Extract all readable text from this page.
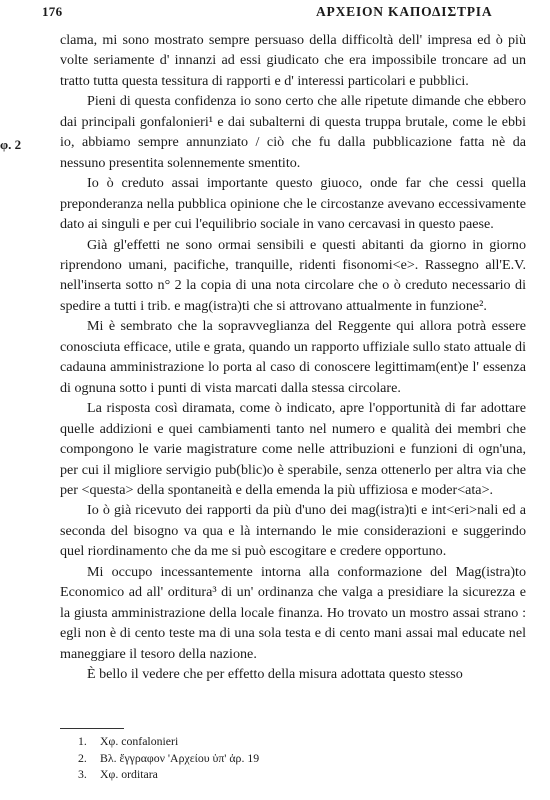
176	ΑΡΧΕΙΟΝ ΚΑΠΟΔΙΣΤΡΙΑ
φ. 2

clama, mi sono mostrato sempre persuaso della difficoltà dell' impresa ed ò più volte seriamente d' innanzi ad essi giudicato che era impossibile troncare ad un tratto tutta questa tessitura di rapporti e d' interessi particolari e pubblici.

Pieni di questa confidenza io sono certo che alle ripetute dimande che ebbero dai principali gonfalonieri¹ e dai subalterni di questa truppa brutale, come le ebbi io, abbiamo sempre annunziato / ciò che fu dalla pubblicazione fatta nè da nessuno presentita solennemente smentito.

Io ò creduto assai importante questo giuoco, onde far che cessi quella preponderanza nella pubblica opinione che le circostanze avevano eccessivamente dato ai singuli e per cui l'equilibrio sociale in vano cercavasi in questo paese.

Già gl'effetti ne sono ormai sensibili e questi abitanti da giorno in giorno riprendono umani, pacifiche, tranquille, ridenti fisonomi<e>. Rassegno all'E.V. nell'inserta sotto n° 2 la copia di una nota circolare che o ò creduto necessario di spedire a tutti i trib. e mag(istra)ti che si attrovano attualmente in funzione².

Mi è sembrato che la sopravveglianza del Reggente qui allora potrà essere conosciuta efficace, utile e grata, quando un rapporto uffiziale sullo stato attuale di cadauna amministrazione lo porta al caso di conoscere legittimam(ent)e l' essenza di ognuna sotto i punti di vista marcati dalla stessa circolare.

La risposta così diramata, come ò indicato, apre l'opportunità di far adottare quelle addizioni e quei cambiamenti tanto nel numero e qualità dei membri che compongono le varie magistrature come nelle attribuzioni e funzioni di ogn'una, per cui il migliore servigio pub(blic)o è sperabile, senza ottenerlo per altra via che per <questa> della spontaneità e della emenda la più uffiziosa e moder<ata>.

Io ò già ricevuto dei rapporti da più d'uno dei mag(istra)ti e int<eri>nali ed a seconda del bisogno va qua e là internando le mie considerazioni e suggerindo quel riordinamento che da me si può escogitare e credere opportuno.

Mi occupo incessantemente intorna alla conformazione del Mag(istra)to Economico ad all' orditura³ di un' ordinanza che valga a presidiare la sicurezza e la giusta amministrazione della locale finanza. Ho trovato un mostro assai strano : egli non è di cento teste ma di una sola testa e di cento mani assai mal educate nel maneggiare il tesoro della nazione.

È bello il vedere che per effetto della misura adottata questo stesso

1. Χφ. confalonieri
2. Βλ. ἔγγραφον 'Αρχείου ὑπ' ἀρ. 19
3. Χφ. orditara
